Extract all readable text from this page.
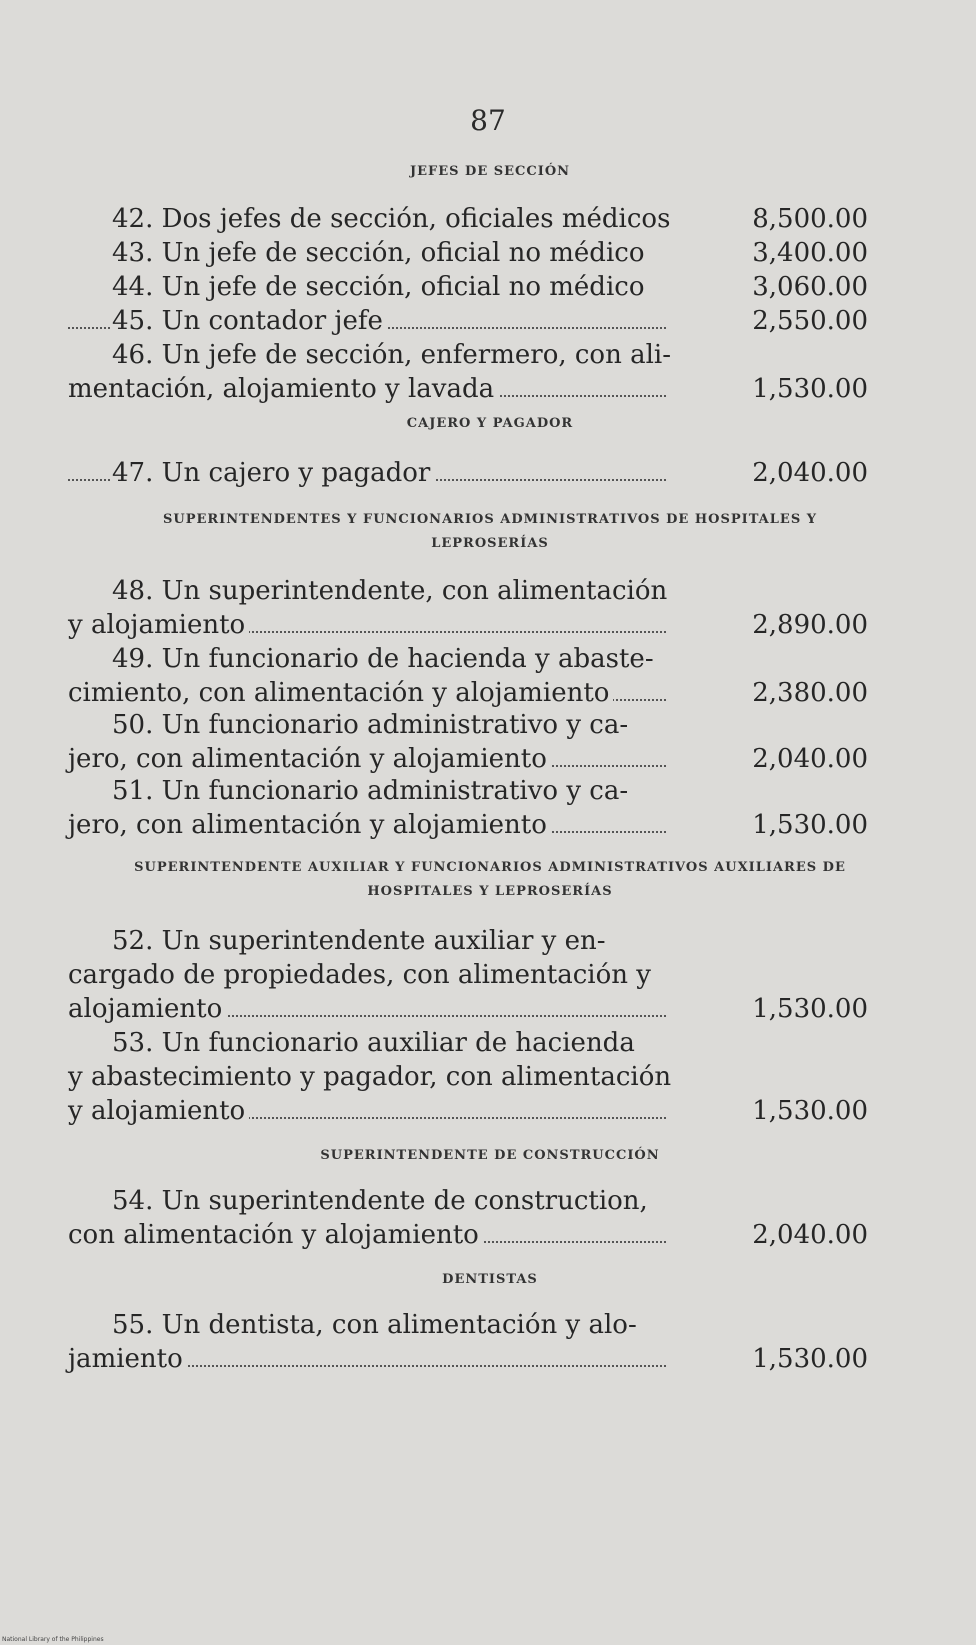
87
JEFES DE SECCIÓN
42. Dos jefes de sección, oficiales médicos	8,500.00
43. Un jefe de sección, oficial no médico	3,400.00
44. Un jefe de sección, oficial no médico	3,060.00
45. Un contador jefe	2,550.00
46. Un jefe de sección, enfermero, con ali-
mentación, alojamiento y lavada	1,530.00
CAJERO Y PAGADOR
47. Un cajero y pagador	2,040.00
SUPERINTENDENTES Y FUNCIONARIOS ADMINISTRATIVOS DE HOSPITALES Y LEPROSERÍAS
48. Un superintendente, con alimentación
y alojamiento	2,890.00
49. Un funcionario de hacienda y abaste-
cimiento, con alimentación y alojamiento	2,380.00
50. Un funcionario administrativo y ca-
jero, con alimentación y alojamiento	2,040.00
51. Un funcionario administrativo y ca-
jero, con alimentación y alojamiento	1,530.00
SUPERINTENDENTE AUXILIAR Y FUNCIONARIOS ADMINISTRATIVOS AUXILIARES DE HOSPITALES Y LEPROSERÍAS
52. Un superintendente auxiliar y en-
cargado de propiedades, con alimentación y
alojamiento	1,530.00
53. Un funcionario auxiliar de hacienda
y abastecimiento y pagador, con alimentación
y alojamiento	1,530.00
SUPERINTENDENTE DE CONSTRUCCIÓN
54. Un superintendente de construction,
con alimentación y alojamiento	2,040.00
DENTISTAS
55. Un dentista, con alimentación y alo-
jamiento	1,530.00
National Library of the Philippines
